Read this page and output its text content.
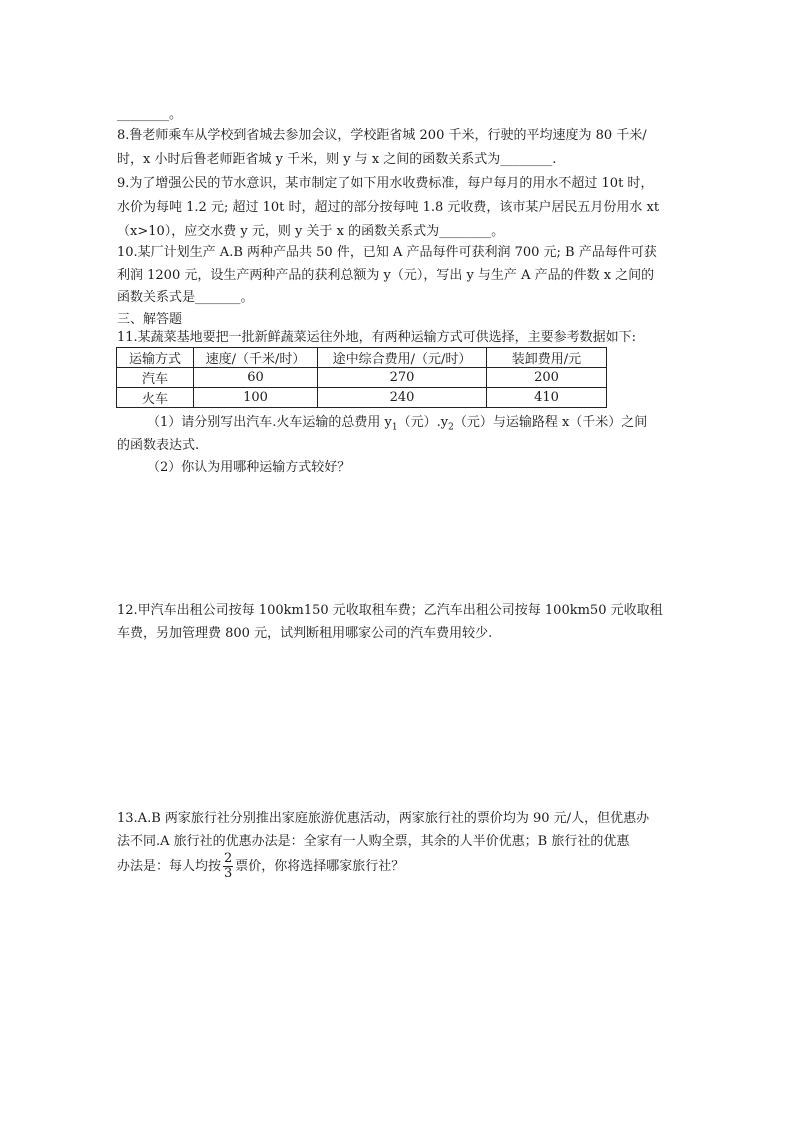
________。
8.鲁老师乘车从学校到省城去参加会议，学校距省城 200 千米，行驶的平均速度为 80 千米/
时，x 小时后鲁老师距省城 y 千米，则 y 与 x 之间的函数关系式为________.
9.为了增强公民的节水意识，某市制定了如下用水收费标准，每户每月的用水不超过 10t 时，
水价为每吨 1.2 元; 超过 10t 时，超过的部分按每吨 1.8 元收费，该市某户居民五月份用水 xt
（x>10），应交水费 y 元，则 y 关于 x 的函数关系式为________。
10.某厂计划生产 A.B 两种产品共 50 件，已知 A 产品每件可获利润 700 元; B 产品每件可获
利润 1200 元，设生产两种产品的获利总额为 y（元），写出 y 与生产 A 产品的件数 x 之间的
函数关系式是_______。
三、解答题
11.某蔬菜基地要把一批新鲜蔬菜运往外地，有两种运输方式可供选择，主要参考数据如下:
运输方式	速度/（千米/时）	途中综合费用/（元/时）	装卸费用/元
汽车	60	270	200
火车	100	240	410
（1）请分别写出汽车.火车运输的总费用 $y_1$（元）$.y_2$（元）与运输路程 x（千米）之间
的函数表达式.
（2）你认为用哪种运输方式较好？
12.甲汽车出租公司按每 100km150 元收取租车费；乙汽车出租公司按每 100km50 元收取租
车费，另加管理费 800 元，试判断租用哪家公司的汽车费用较少.
13.A.B 两家旅行社分别推出家庭旅游优惠活动，两家旅行社的票价均为 90 元/人，但优惠办
法不同.A 旅行社的优惠办法是：全家有一人购全票，其余的人半价优惠；B 旅行社的优惠
办法是：每人均按 $\frac{2}{3}$ 票价，你将选择哪家旅行社？
